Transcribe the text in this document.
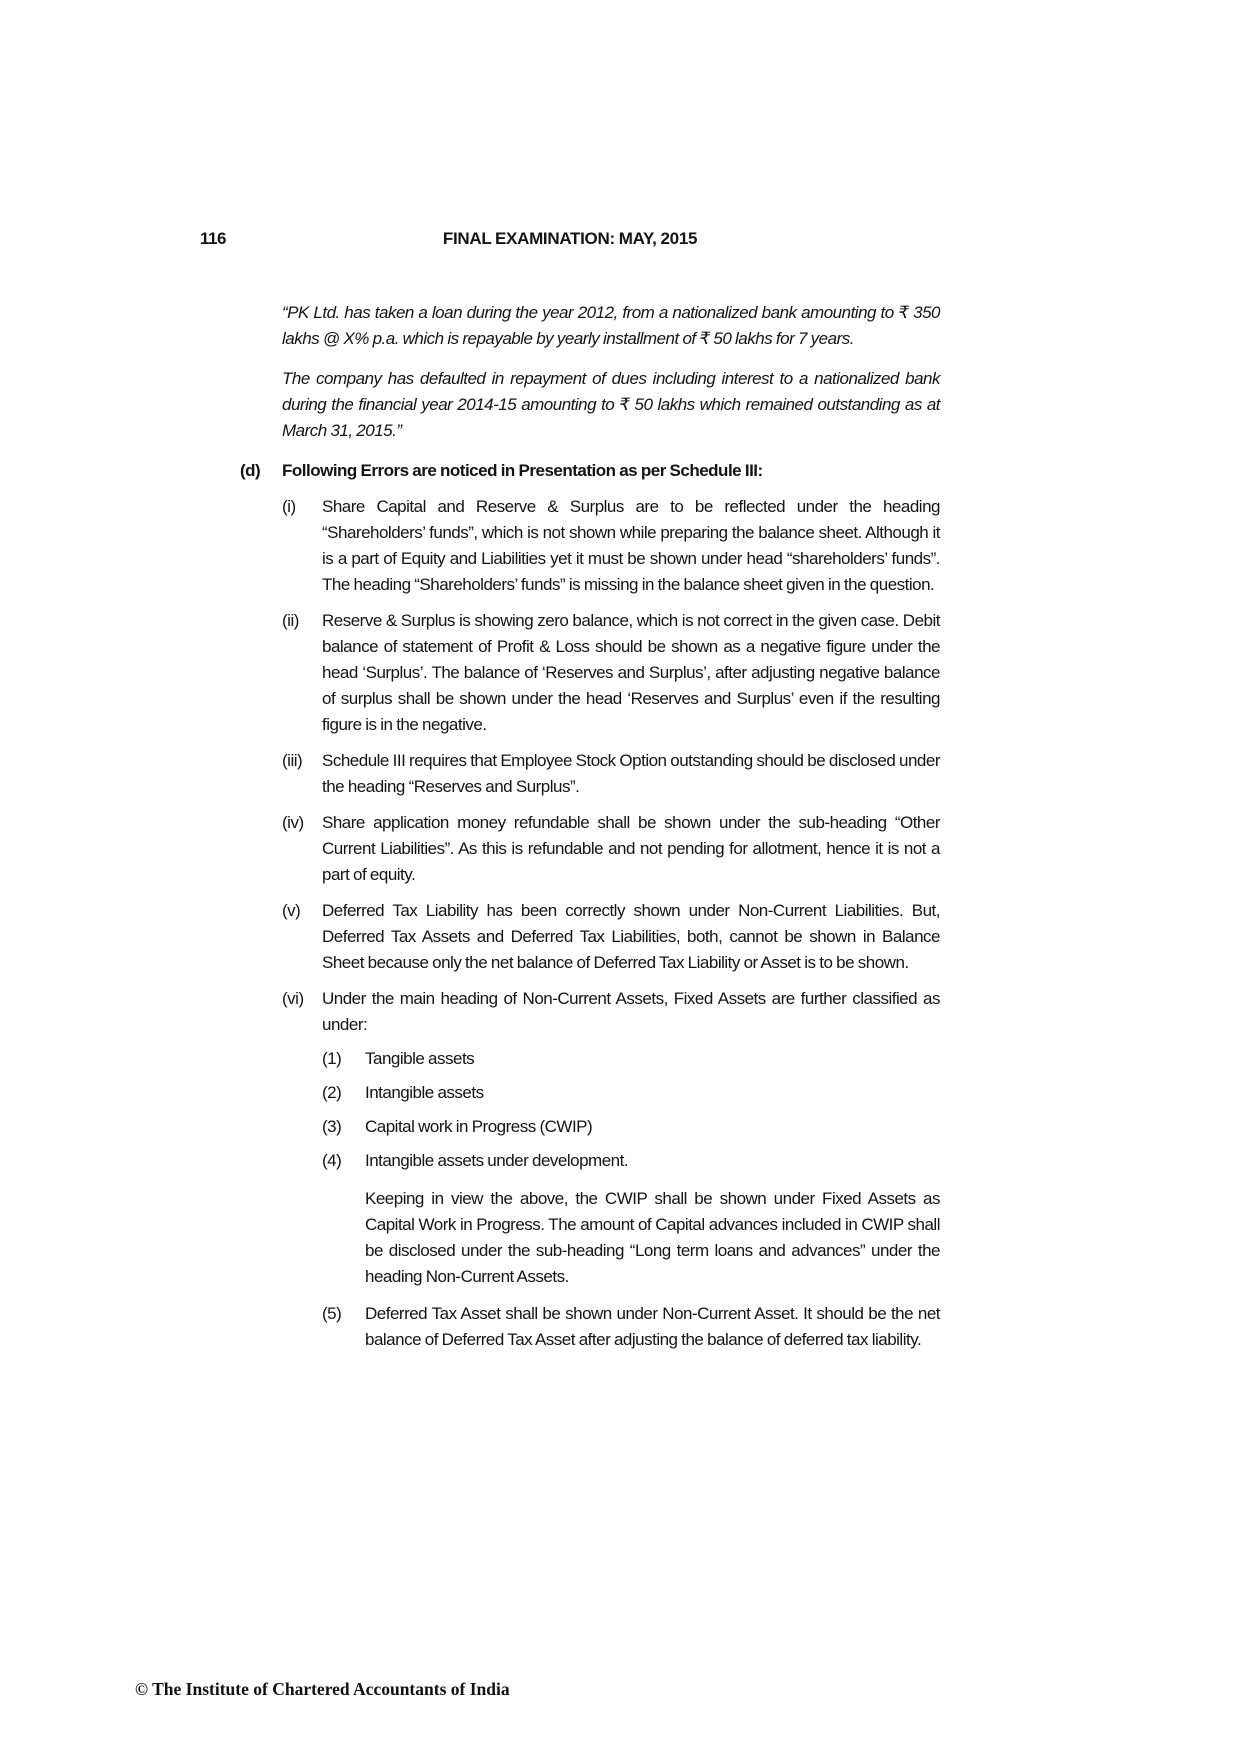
116	FINAL EXAMINATION: MAY, 2015

“PK Ltd. has taken a loan during the year 2012, from a nationalized bank amounting to ₹ 350 lakhs @ X% p.a. which is repayable by yearly installment of ₹ 50 lakhs for 7 years.

The company has defaulted in repayment of dues including interest to a nationalized bank during the financial year 2014-15 amounting to ₹ 50 lakhs which remained outstanding as at March 31, 2015.”

(d)	Following Errors are noticed in Presentation as per Schedule III:
(i)	Share Capital and Reserve & Surplus are to be reflected under the heading “Shareholders’ funds”, which is not shown while preparing the balance sheet. Although it is a part of Equity and Liabilities yet it must be shown under head “shareholders’ funds”. The heading “Shareholders’ funds” is missing in the balance sheet given in the question.

(ii)	Reserve & Surplus is showing zero balance, which is not correct in the given case. Debit balance of statement of Profit & Loss should be shown as a negative figure under the head ‘Surplus’. The balance of ‘Reserves and Surplus’, after adjusting negative balance of surplus shall be shown under the head ‘Reserves and Surplus’ even if the resulting figure is in the negative.

(iii)	Schedule III requires that Employee Stock Option outstanding should be disclosed under the heading “Reserves and Surplus”.

(iv)	Share application money refundable shall be shown under the sub-heading “Other Current Liabilities”. As this is refundable and not pending for allotment, hence it is not a part of equity.

(v)	Deferred Tax Liability has been correctly shown under Non-Current Liabilities. But, Deferred Tax Assets and Deferred Tax Liabilities, both, cannot be shown in Balance Sheet because only the net balance of Deferred Tax Liability or Asset is to be shown.

(vi)	Under the main heading of Non-Current Assets, Fixed Assets are further classified as under:

(1)	Tangible assets

(2)	Intangible assets

(3)	Capital work in Progress (CWIP)

(4)	Intangible assets under development.

Keeping in view the above, the CWIP shall be shown under Fixed Assets as Capital Work in Progress. The amount of Capital advances included in CWIP shall be disclosed under the sub-heading “Long term loans and advances” under the heading Non-Current Assets.

(5)	Deferred Tax Asset shall be shown under Non-Current Asset. It should be the net balance of Deferred Tax Asset after adjusting the balance of deferred tax liability.

© The Institute of Chartered Accountants of India
